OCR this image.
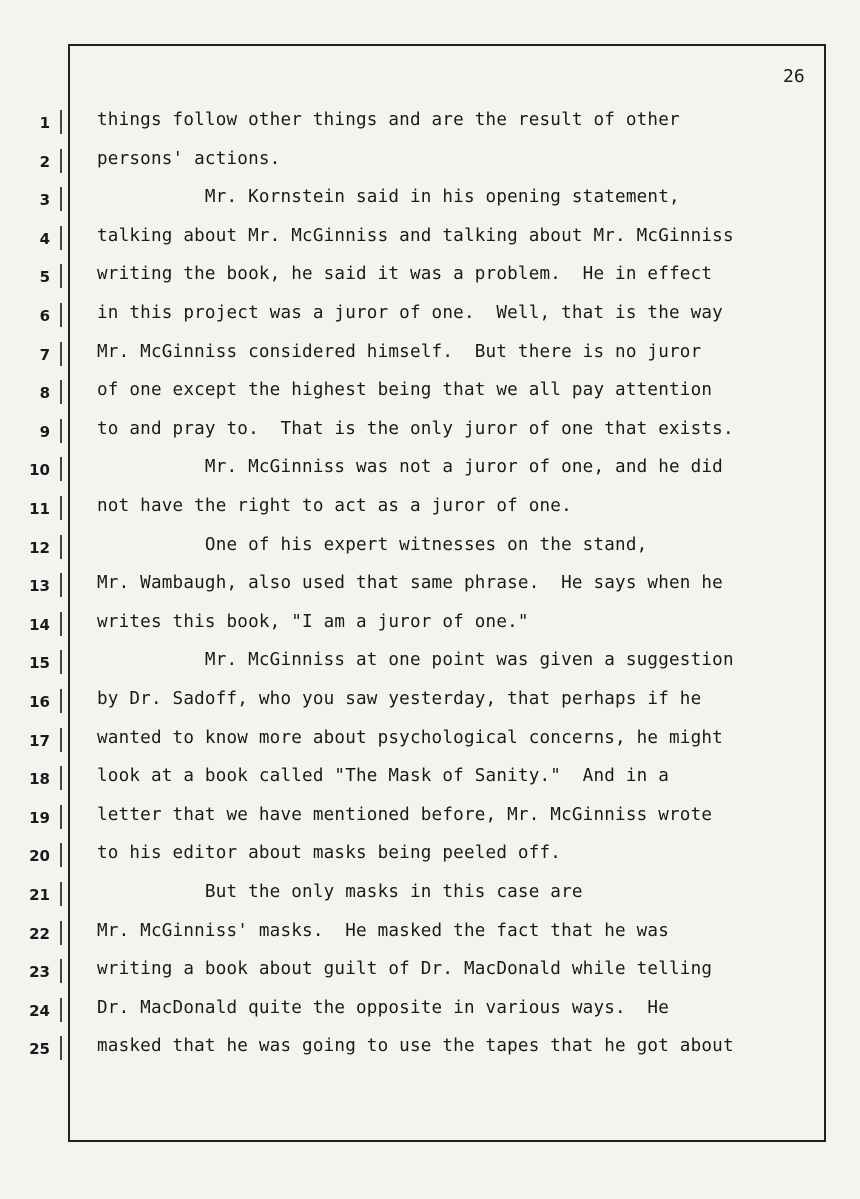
26
1	things follow other things and are the result of other
2	persons' actions.
3	Mr. Kornstein said in his opening statement,
4	talking about Mr. McGinniss and talking about Mr. McGinniss
5	writing the book, he said it was a problem.  He in effect
6	in this project was a juror of one.  Well, that is the way
7	Mr. McGinniss considered himself.  But there is no juror
8	of one except the highest being that we all pay attention
9	to and pray to.  That is the only juror of one that exists.
10	Mr. McGinniss was not a juror of one, and he did
11	not have the right to act as a juror of one.
12	One of his expert witnesses on the stand,
13	Mr. Wambaugh, also used that same phrase.  He says when he
14	writes this book, "I am a juror of one."
15	Mr. McGinniss at one point was given a suggestion
16	by Dr. Sadoff, who you saw yesterday, that perhaps if he
17	wanted to know more about psychological concerns, he might
18	look at a book called "The Mask of Sanity."  And in a
19	letter that we have mentioned before, Mr. McGinniss wrote
20	to his editor about masks being peeled off.
21	But the only masks in this case are
22	Mr. McGinniss' masks.  He masked the fact that he was
23	writing a book about guilt of Dr. MacDonald while telling
24	Dr. MacDonald quite the opposite in various ways.  He
25	masked that he was going to use the tapes that he got about
